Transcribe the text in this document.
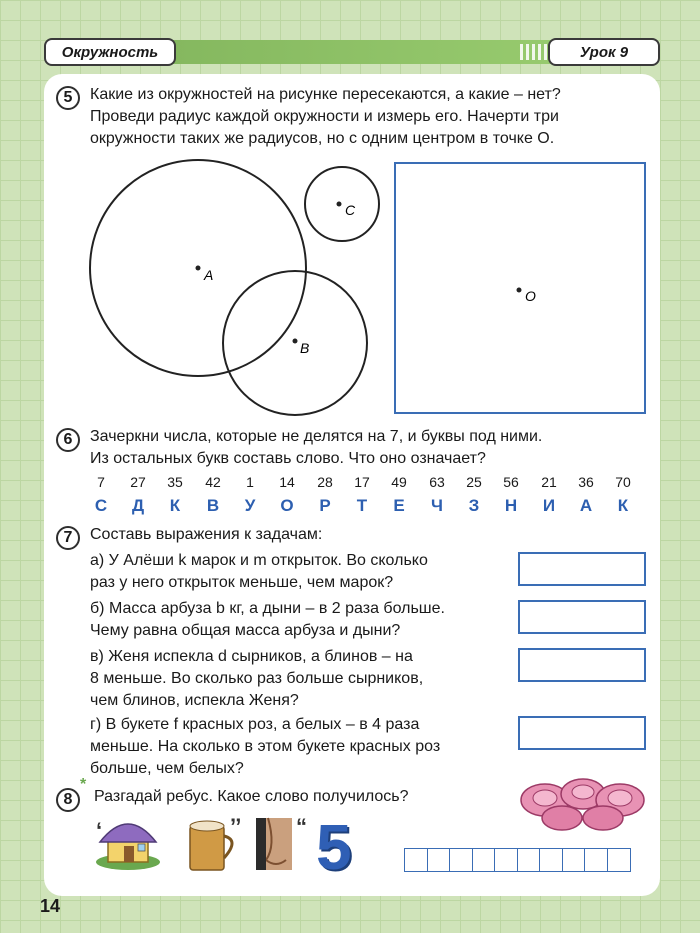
Окружность	Урок 9
5	Какие из окружностей на рисунке пересекаются, а какие – нет?
Проведи радиус каждой окружности и измерь его. Начерти три
окружности таких же радиусов, но с одним центром в точке O.
A
B
C
O
6	Зачеркни числа, которые не делятся на 7, и буквы под ними.
Из остальных букв составь слово. Что оно означает?
7	27	35	42	1	14	28	17	49	63	25	56	21	36	70
С	Д	К	В	У	О	Р	Т	Е	Ч	З	Н	И	А	К
7	Составь выражения к задачам:
а) У Алёши k марок и m открыток. Во сколько
раз у него открыток меньше, чем марок?
б) Масса арбуза b кг, а дыни – в 2 раза больше.
Чему равна общая масса арбуза и дыни?
в) Женя испекла d сырников, а блинов – на
8 меньше. Во сколько раз больше сырников,
чем блинов, испекла Женя?
г) В букете f красных роз, а белых – в 4 раза
меньше. На сколько в этом букете красных роз
больше, чем белых?
8
*
Разгадай ребус. Какое слово получилось?
‘	’’ “ 5
14
